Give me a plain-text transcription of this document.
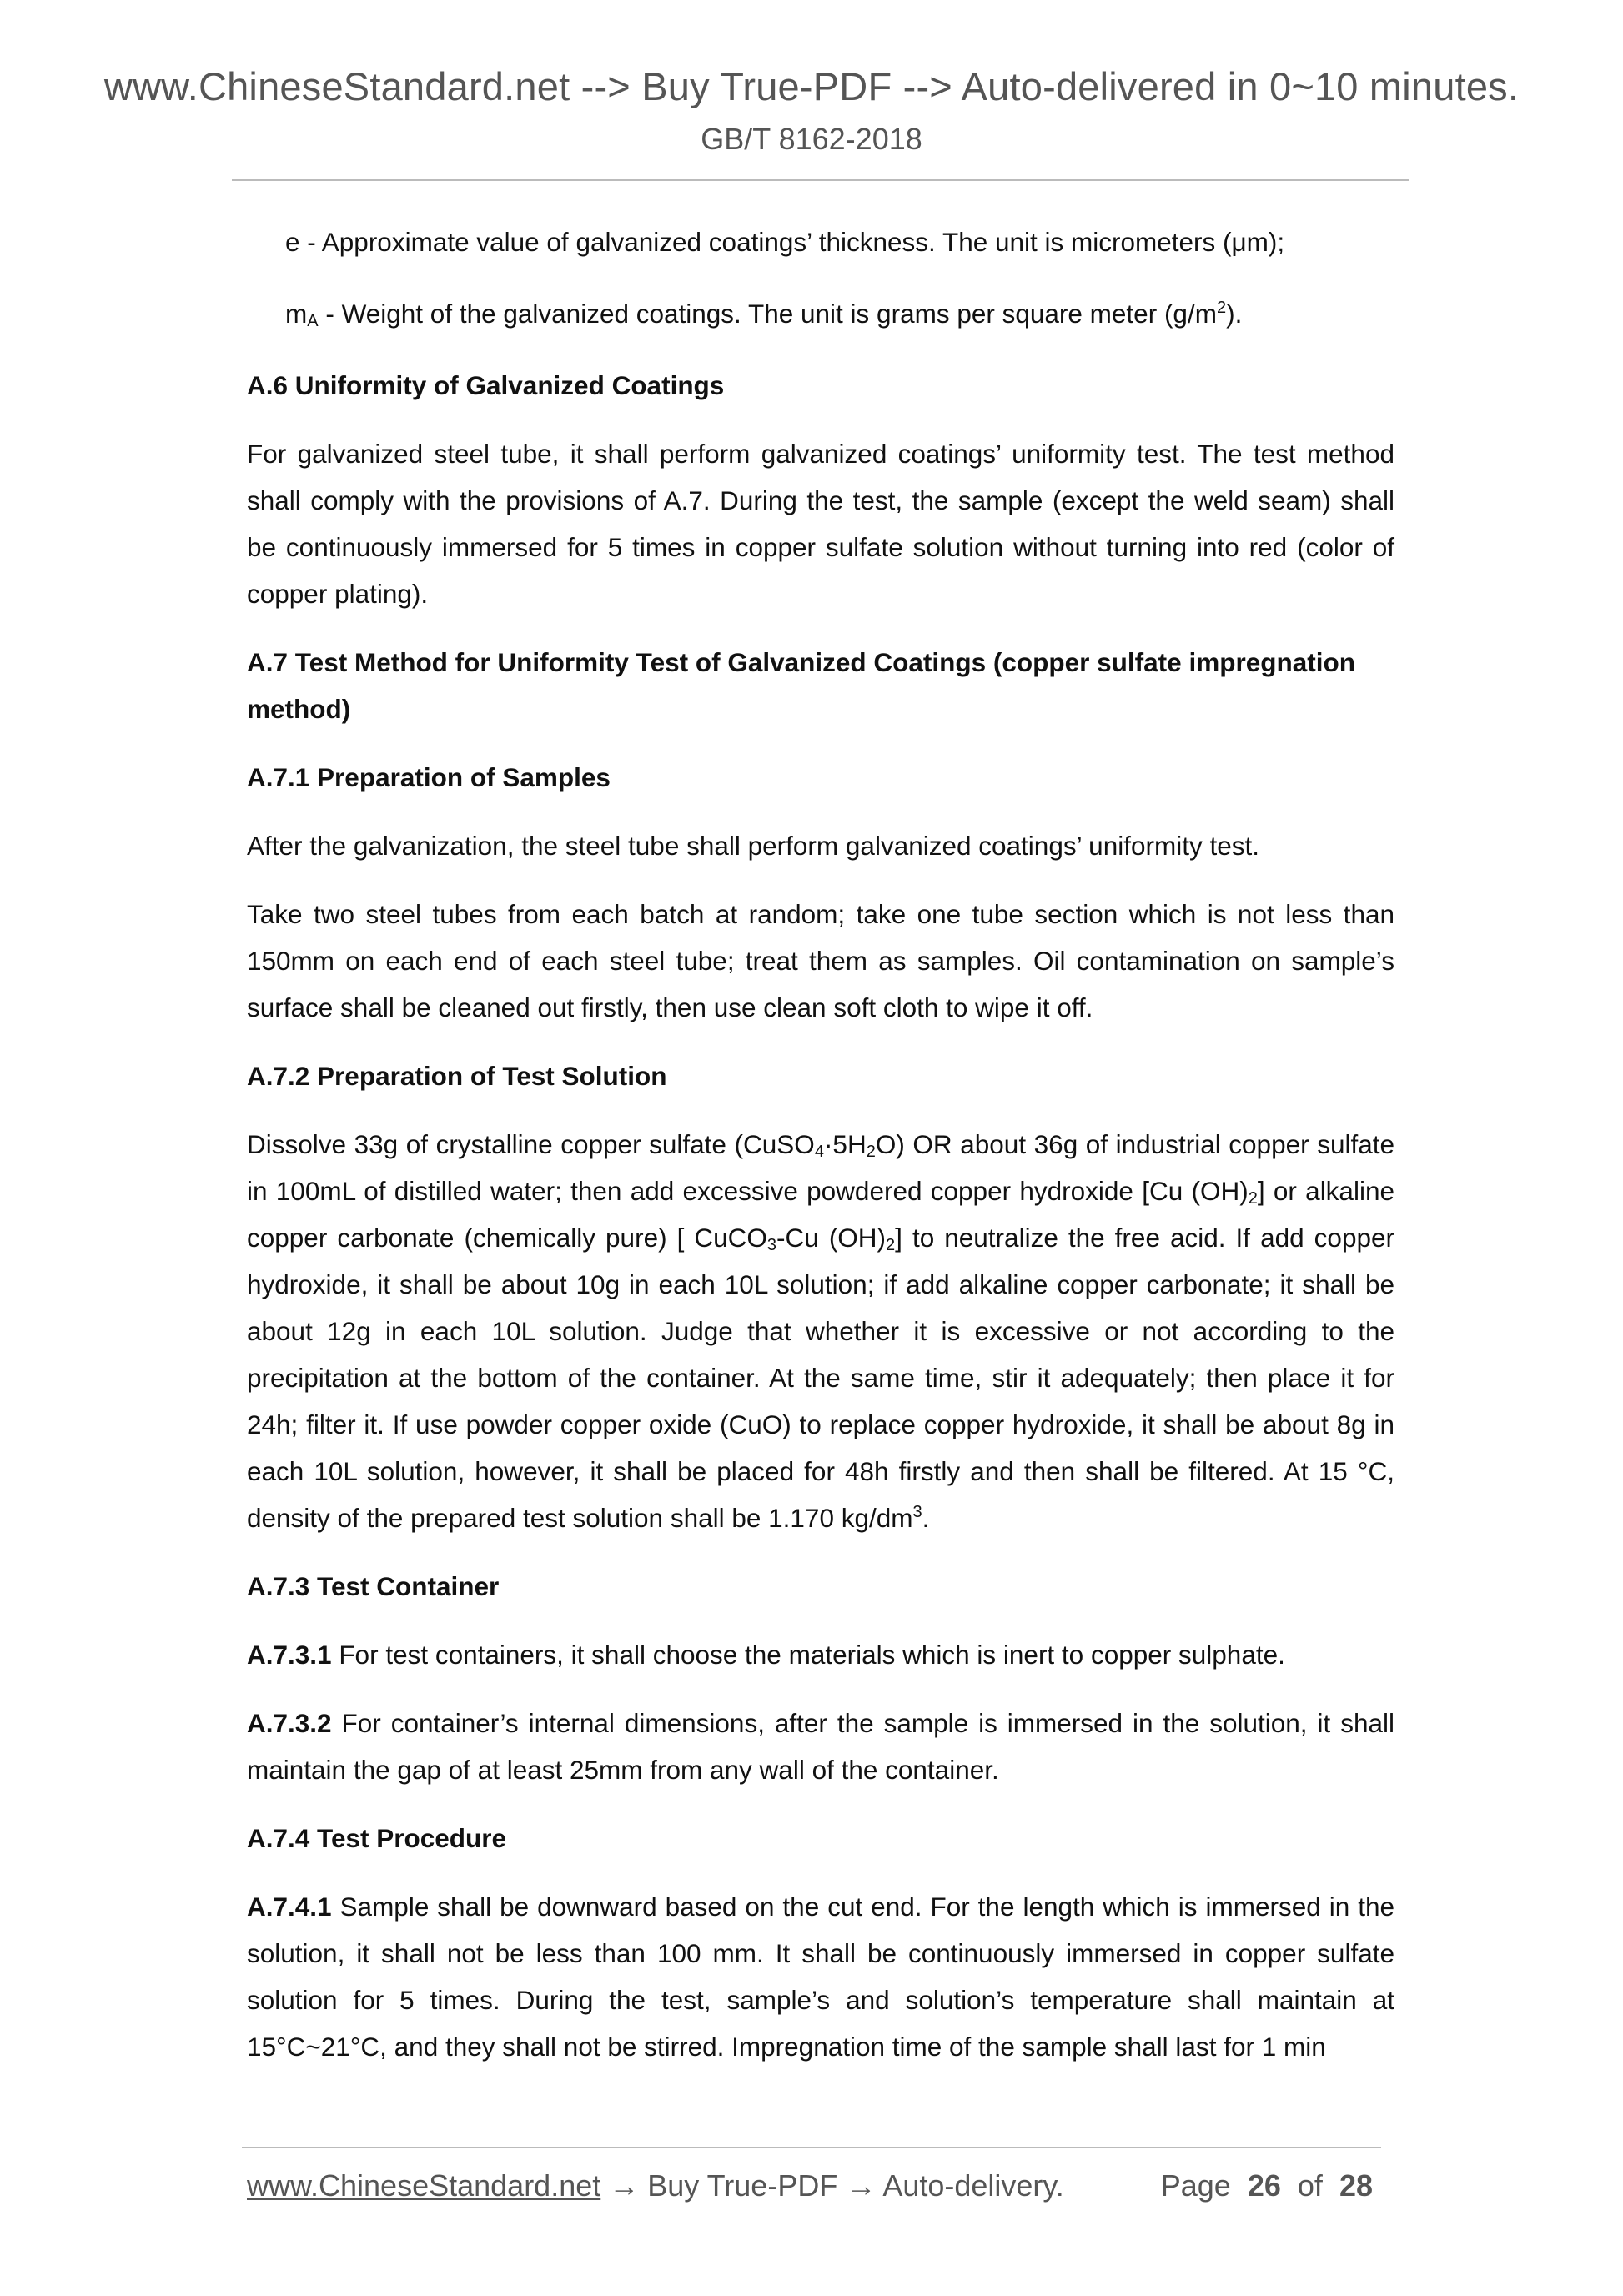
www.ChineseStandard.net --> Buy True-PDF --> Auto-delivered in 0~10 minutes.
GB/T 8162-2018

e - Approximate value of galvanized coatings’ thickness. The unit is micrometers (μm);

$m_A$ - Weight of the galvanized coatings. The unit is grams per square meter $(g/m^2)$.

A.6 Uniformity of Galvanized Coatings

For galvanized steel tube, it shall perform galvanized coatings’ uniformity test. The test method shall comply with the provisions of A.7. During the test, the sample (except the weld seam) shall be continuously immersed for 5 times in copper sulfate solution without turning into red (color of copper plating).

A.7 Test Method for Uniformity Test of Galvanized Coatings (copper sulfate impregnation method)
A.7.1 Preparation of Samples

After the galvanization, the steel tube shall perform galvanized coatings’ uniformity test.

Take two steel tubes from each batch at random; take one tube section which is not less than 150mm on each end of each steel tube; treat them as samples. Oil contamination on sample’s surface shall be cleaned out firstly, then use clean soft cloth to wipe it off.

A.7.2 Preparation of Test Solution

Dissolve 33g of crystalline copper sulfate $(CuSO_4\cdot 5H_2O)$ OR about 36g of industrial copper sulfate in 100mL of distilled water; then add excessive powdered copper hydroxide [Cu $(OH)_2$] or alkaline copper carbonate (chemically pure) [ CuCO$_3$-Cu $(OH)_2$] to neutralize the free acid. If add copper hydroxide, it shall be about 10g in each 10L solution; if add alkaline copper carbonate; it shall be about 12g in each 10L solution. Judge that whether it is excessive or not according to the precipitation at the bottom of the container. At the same time, stir it adequately; then place it for 24h; filter it. If use powder copper oxide (CuO) to replace copper hydroxide, it shall be about 8g in each 10L solution, however, it shall be placed for 48h firstly and then shall be filtered. At 15 °C, density of the prepared test solution shall be 1.170 $kg/dm^3$.

A.7.3 Test Container

A.7.3.1 For test containers, it shall choose the materials which is inert to copper sulphate.

A.7.3.2 For container’s internal dimensions, after the sample is immersed in the solution, it shall maintain the gap of at least 25mm from any wall of the container.

A.7.4 Test Procedure

A.7.4.1 Sample shall be downward based on the cut end. For the length which is immersed in the solution, it shall not be less than 100 mm. It shall be continuously immersed in copper sulfate solution for 5 times. During the test, sample’s and solution’s temperature shall maintain at 15°C~21°C, and they shall not be stirred. Impregnation time of the sample shall last for 1 min

www.ChineseStandard.net → Buy True-PDF → Auto-delivery.	Page 26 of 28
